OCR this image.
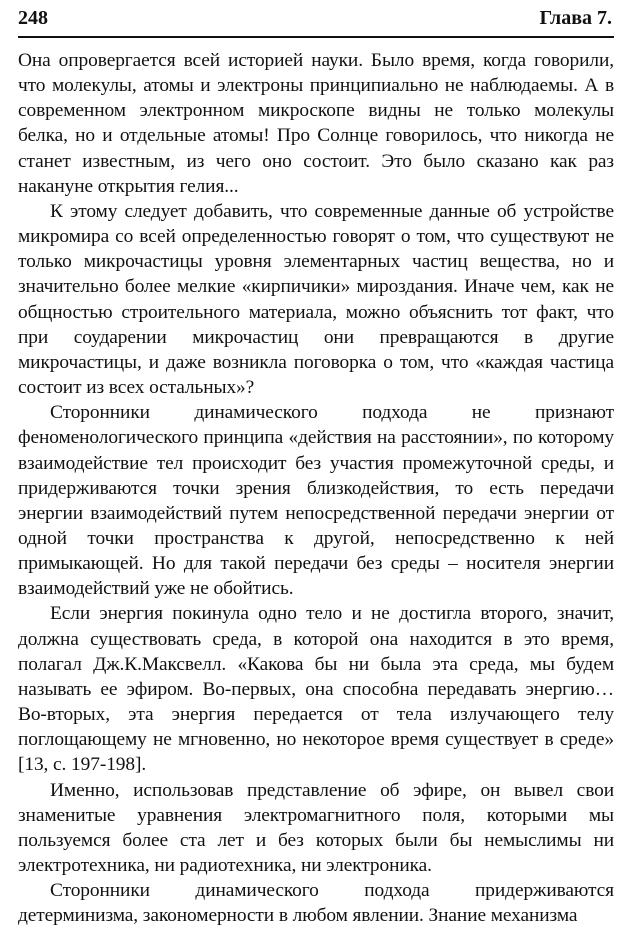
248	Глава 7.

Она опровергается всей историей науки. Было время, когда говорили, что молекулы, атомы и электроны принципиально не наблюдаемы. А в современном электронном микроскопе видны не только молекулы белка, но и отдельные атомы! Про Солнце говорилось, что никогда не станет известным, из чего оно состоит. Это было сказано как раз накануне открытия гелия...

К этому следует добавить, что современные данные об устройстве микромира со всей определенностью говорят о том, что существуют не только микрочастицы уровня элементарных частиц вещества, но и значительно более мелкие «кирпичики» мироздания. Иначе чем, как не общностью строительного материала, можно объяснить тот факт, что при соударении микрочастиц они превращаются в другие микрочастицы, и даже возникла поговорка о том, что «каждая частица состоит из всех остальных»?

Сторонники динамического подхода не признают феноменологического принципа «действия на расстоянии», по которому взаимодействие тел происходит без участия промежуточной среды, и придерживаются точки зрения близкодействия, то есть передачи энергии взаимодействий путем непосредственной передачи энергии от одной точки пространства к другой, непосредственно к ней примыкающей. Но для такой передачи без среды – носителя энергии взаимодействий уже не обойтись.

Если энергия покинула одно тело и не достигла второго, значит, должна существовать среда, в которой она находится в это время, полагал Дж.К.Максвелл. «Какова бы ни была эта среда, мы будем называть ее эфиром. Во-первых, она способна передавать энергию… Во-вторых, эта энергия передается от тела излучающего телу поглощающему не мгновенно, но некоторое время существует в среде» [13, с. 197-198].

Именно, использовав представление об эфире, он вывел свои знаменитые уравнения электромагнитного поля, которыми мы пользуемся более ста лет и без которых были бы немыслимы ни электротехника, ни радиотехника, ни электроника.

Сторонники динамического подхода придерживаются детерминизма, закономерности в любом явлении. Знание механизма
